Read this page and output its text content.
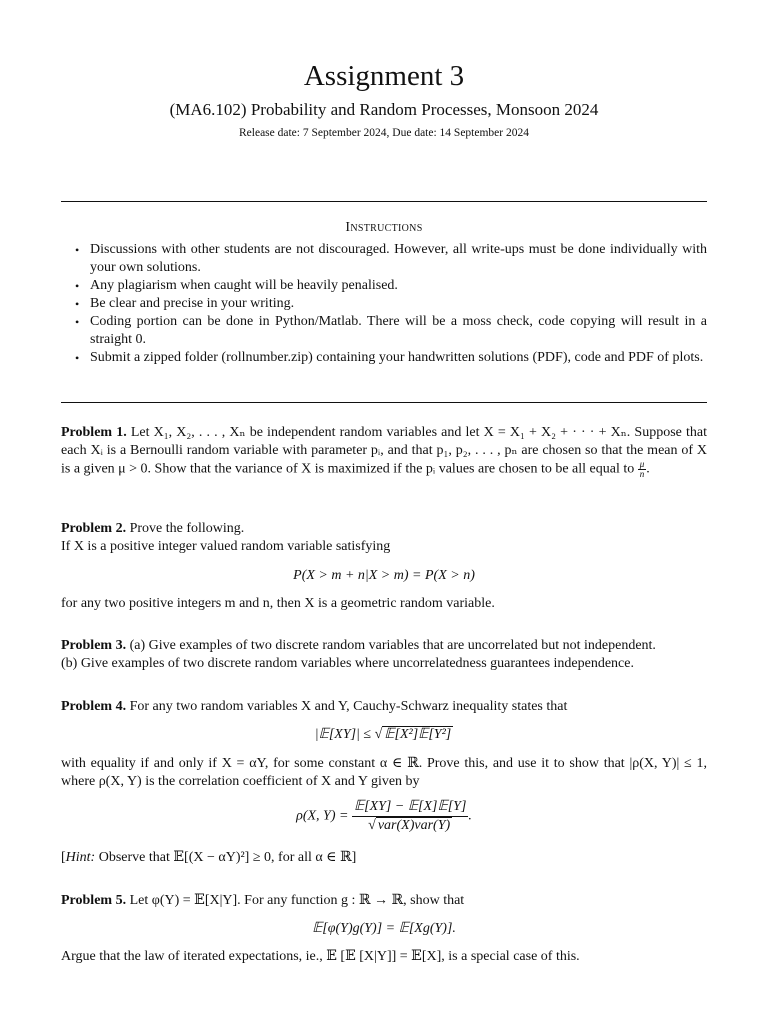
Assignment 3
(MA6.102) Probability and Random Processes, Monsoon 2024
Release date: 7 September 2024, Due date: 14 September 2024
Instructions
• Discussions with other students are not discouraged. However, all write-ups must be done individually with your own solutions.
• Any plagiarism when caught will be heavily penalised.
• Be clear and precise in your writing.
• Coding portion can be done in Python/Matlab. There will be a moss check, code copying will result in a straight 0.
• Submit a zipped folder (rollnumber.zip) containing your handwritten solutions (PDF), code and PDF of plots.
Problem 1. Let X₁, X₂, . . . , Xₙ be independent random variables and let X = X₁ + X₂ + · · · + Xₙ. Suppose that each Xᵢ is a Bernoulli random variable with parameter pᵢ, and that p₁, p₂, . . . , pₙ are chosen so that the mean of X is a given μ > 0. Show that the variance of X is maximized if the pᵢ values are chosen to be all equal to $\frac{\mu}{n}$ .
Problem 2. Prove the following.
If X is a positive integer valued random variable satisfying
P(X > m + n|X > m) = P(X > n)
for any two positive integers m and n, then X is a geometric random variable.
Problem 3. (a) Give examples of two discrete random variables that are uncorrelated but not independent.
(b) Give examples of two discrete random variables where uncorrelatedness guarantees independence.
Problem 4. For any two random variables X and Y, Cauchy-Schwarz inequality states that
|𝔼[XY]| ≤ √ 𝔼[X²]𝔼[Y²]
with equality if and only if X = αY, for some constant α ∈ ℝ. Prove this, and use it to show that |ρ(X, Y)| ≤ 1, where ρ(X, Y) is the correlation coefficient of X and Y given by
ρ(X, $Y) = \frac{\text{𝔼[XY] − 𝔼[X]𝔼[Y]}}{\text{√ var(X)var(Y)}}$ .
[Hint: Observe that 𝔼[(X − αY)²] ≥ 0, for all α ∈ ℝ]
Problem 5. Let φ(Y) = 𝔼[X|Y]. For any function g : ℝ → ℝ, show that
𝔼[φ(Y)g(Y)] = 𝔼[Xg(Y)].
Argue that the law of iterated expectations, ie., 𝔼 [𝔼 [X|Y]] = 𝔼[X], is a special case of this.
